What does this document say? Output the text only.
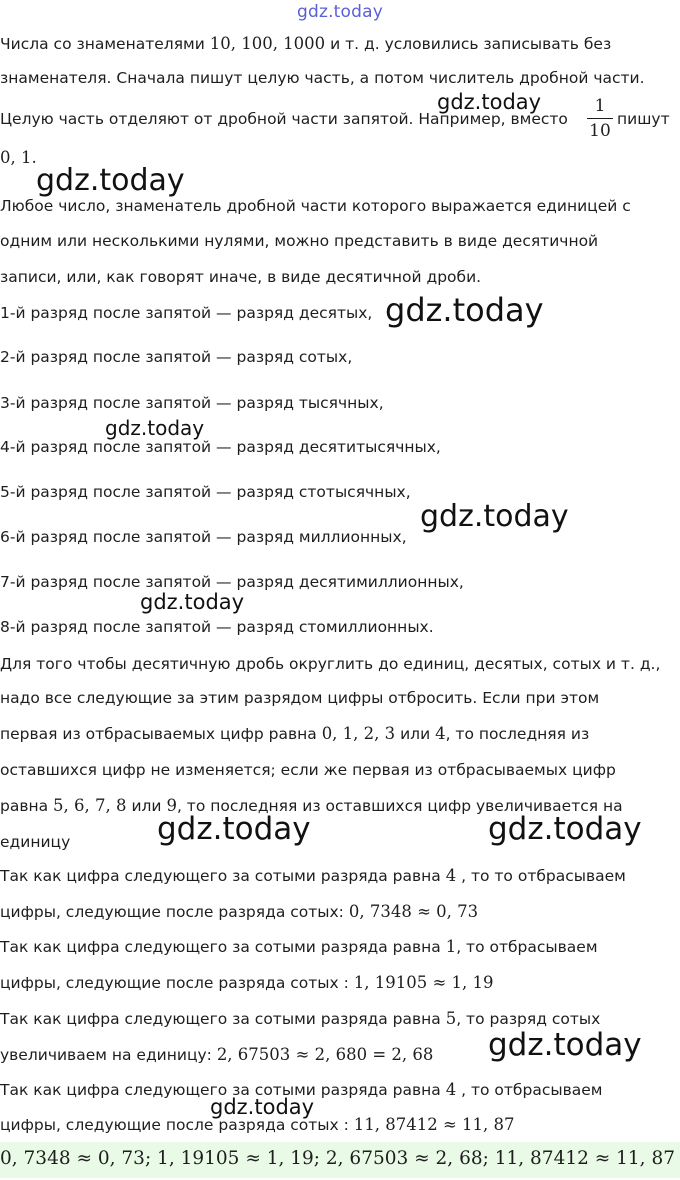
gdz.today
Числа со знаменателями 10, 100, 1000 и т. д. условились записывать без
знаменателя. Сначала пишут целую часть, а потом числитель дробной части.
Целую часть отделяют от дробной части запятой. Например, вместо	пишут
0, 1.
Любое число, знаменатель дробной части которого выражается единицей с
одним или несколькими нулями, можно представить в виде десятичной
записи, или, как говорят иначе, в виде десятичной дроби.
1-й разряд после запятой — разряд десятых,
2-й разряд после запятой — разряд сотых,
3-й разряд после запятой — разряд тысячных,
4-й разряд после запятой — разряд десятитысячных,
5-й разряд после запятой — разряд стотысячных,
6-й разряд после запятой — разряд миллионных,
7-й разряд после запятой — разряд десятимиллионных,
8-й разряд после запятой — разряд стомиллионных.
Для того чтобы десятичную дробь округлить до единиц, десятых, сотых и т. д.,
надо все следующие за этим разрядом цифры отбросить. Если при этом
первая из отбрасываемых цифр равна 0, 1, 2, 3 или 4, то последняя из
оставшихся цифр не изменяется; если же первая из отбрасываемых цифр
равна 5, 6, 7, 8 или 9, то последняя из оставшихся цифр увеличивается на
единицу
Так как цифра следующего за сотыми разряда равна 4 , то то отбрасываем
цифры, следующие после разряда сотых: 0, 7348 ≈ 0, 73
Так как цифра следующего за сотыми разряда равна 1, то отбрасываем
цифры, следующие после разряда сотых : 1, 19105 ≈ 1, 19
Так как цифра следующего за сотыми разряда равна 5, то разряд сотых
увеличиваем на единицу: 2, 67503 ≈ 2, 680 = 2, 68
Так как цифра следующего за сотыми разряда равна 4 , то отбрасываем
цифры, следующие после разряда сотых : 11, 87412 ≈ 11, 87
1
10
gdz.today
gdz.today
gdz.today
gdz.today
gdz.today
gdz.today
gdz.today	gdz.today
gdz.today
gdz.today
0, 7348 ≈ 0, 73; 1, 19105 ≈ 1, 19; 2, 67503 ≈ 2, 68; 11, 87412 ≈ 11, 87
